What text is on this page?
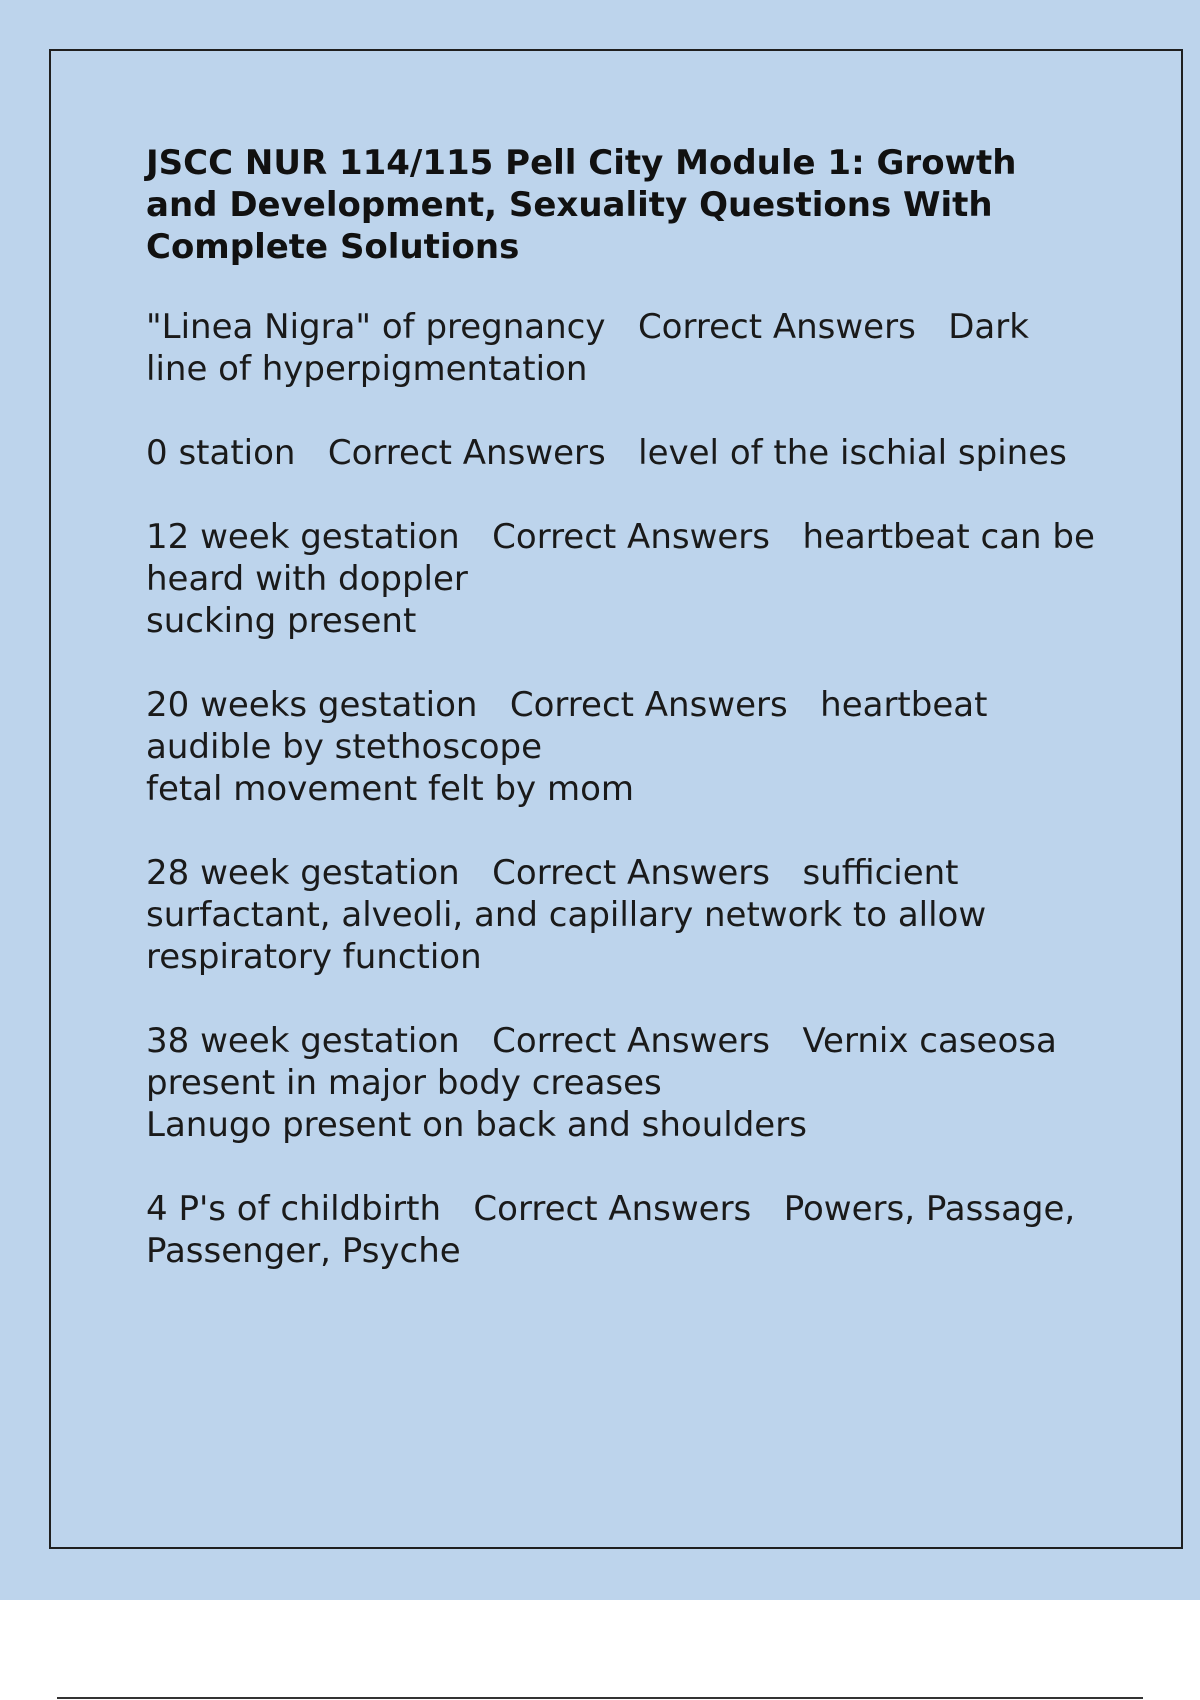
JSCC NUR 114/115 Pell City Module 1: Growth and Development, Sexuality Questions With Complete Solutions

"Linea Nigra" of pregnancy   Correct Answers   Dark line of hyperpigmentation

0 station   Correct Answers   level of the ischial spines

12 week gestation   Correct Answers   heartbeat can be heard with doppler
sucking present

20 weeks gestation   Correct Answers   heartbeat audible by stethoscope
fetal movement felt by mom

28 week gestation   Correct Answers   sufficient surfactant, alveoli, and capillary network to allow respiratory function

38 week gestation   Correct Answers   Vernix caseosa present in major body creases
Lanugo present on back and shoulders

4 P's of childbirth   Correct Answers   Powers, Passage, Passenger, Psyche
